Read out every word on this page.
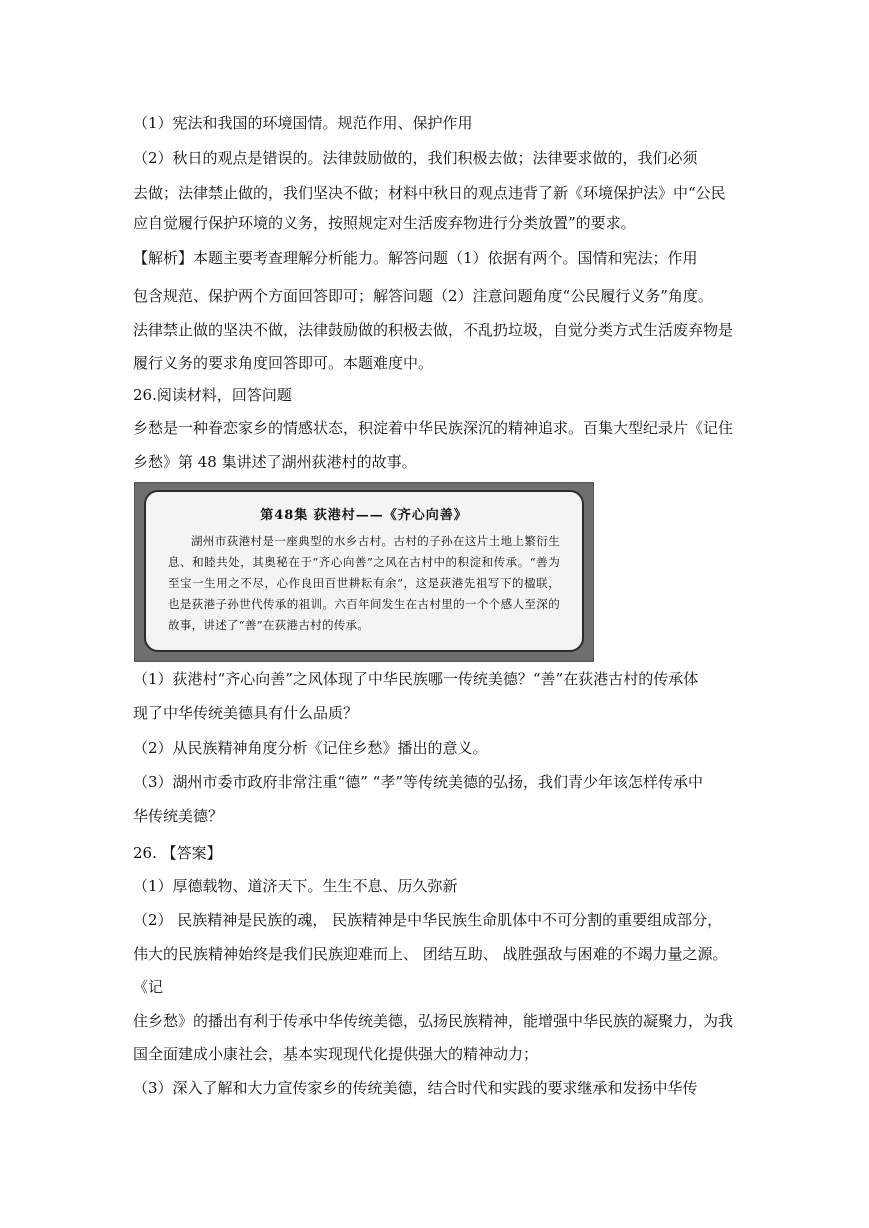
（1）宪法和我国的环境国情。规范作用、保护作用
（2）秋日的观点是错误的。法律鼓励做的，我们积极去做；法律要求做的，我们必须
去做；法律禁止做的，我们坚决不做；材料中秋日的观点违背了新《环境保护法》中“公民
应自觉履行保护环境的义务，按照规定对生活废弃物进行分类放置”的要求。
【解析】本题主要考查理解分析能力。解答问题（1）依据有两个。国情和宪法；作用
包含规范、保护两个方面回答即可；解答问题（2）注意问题角度“公民履行义务”角度。
法律禁止做的坚决不做，法律鼓励做的积极去做，不乱扔垃圾，自觉分类方式生活废弃物是
履行义务的要求角度回答即可。本题难度中。
26.阅读材料，回答问题
乡愁是一种眷恋家乡的情感状态，积淀着中华民族深沉的精神追求。百集大型纪录片《记住
乡愁》第 48 集讲述了湖州荻港村的故事。
第48集 荻港村——《齐心向善》
湖州市荻港村是一座典型的水乡古村。古村的子孙在这片土地上繁衍生息、和睦共处，其奥秘在于“齐心向善”之风在古村中的积淀和传承。“善为至宝一生用之不尽，心作良田百世耕耘有余”，这是荻港先祖写下的楹联，也是荻港子孙世代传承的祖训。六百年间发生在古村里的一个个感人至深的故事，讲述了“善”在荻港古村的传承。
（1）荻港村“齐心向善”之风体现了中华民族哪一传统美德？“善”在荻港古村的传承体
现了中华传统美德具有什么品质？
（2）从民族精神角度分析《记住乡愁》播出的意义。
（3）湖州市委市政府非常注重“德” “孝”等传统美德的弘扬，我们青少年该怎样传承中
华传统美德？
26. 【答案】
（1）厚德载物、道济天下。生生不息、历久弥新
（2） 民族精神是民族的魂， 民族精神是中华民族生命肌体中不可分割的重要组成部分，
伟大的民族精神始终是我们民族迎难而上、 团结互助、 战胜强敌与困难的不竭力量之源。
《记
住乡愁》的播出有利于传承中华传统美德，弘扬民族精神，能增强中华民族的凝聚力，为我
国全面建成小康社会，基本实现现代化提供强大的精神动力；
（3）深入了解和大力宣传家乡的传统美德，结合时代和实践的要求继承和发扬中华传
